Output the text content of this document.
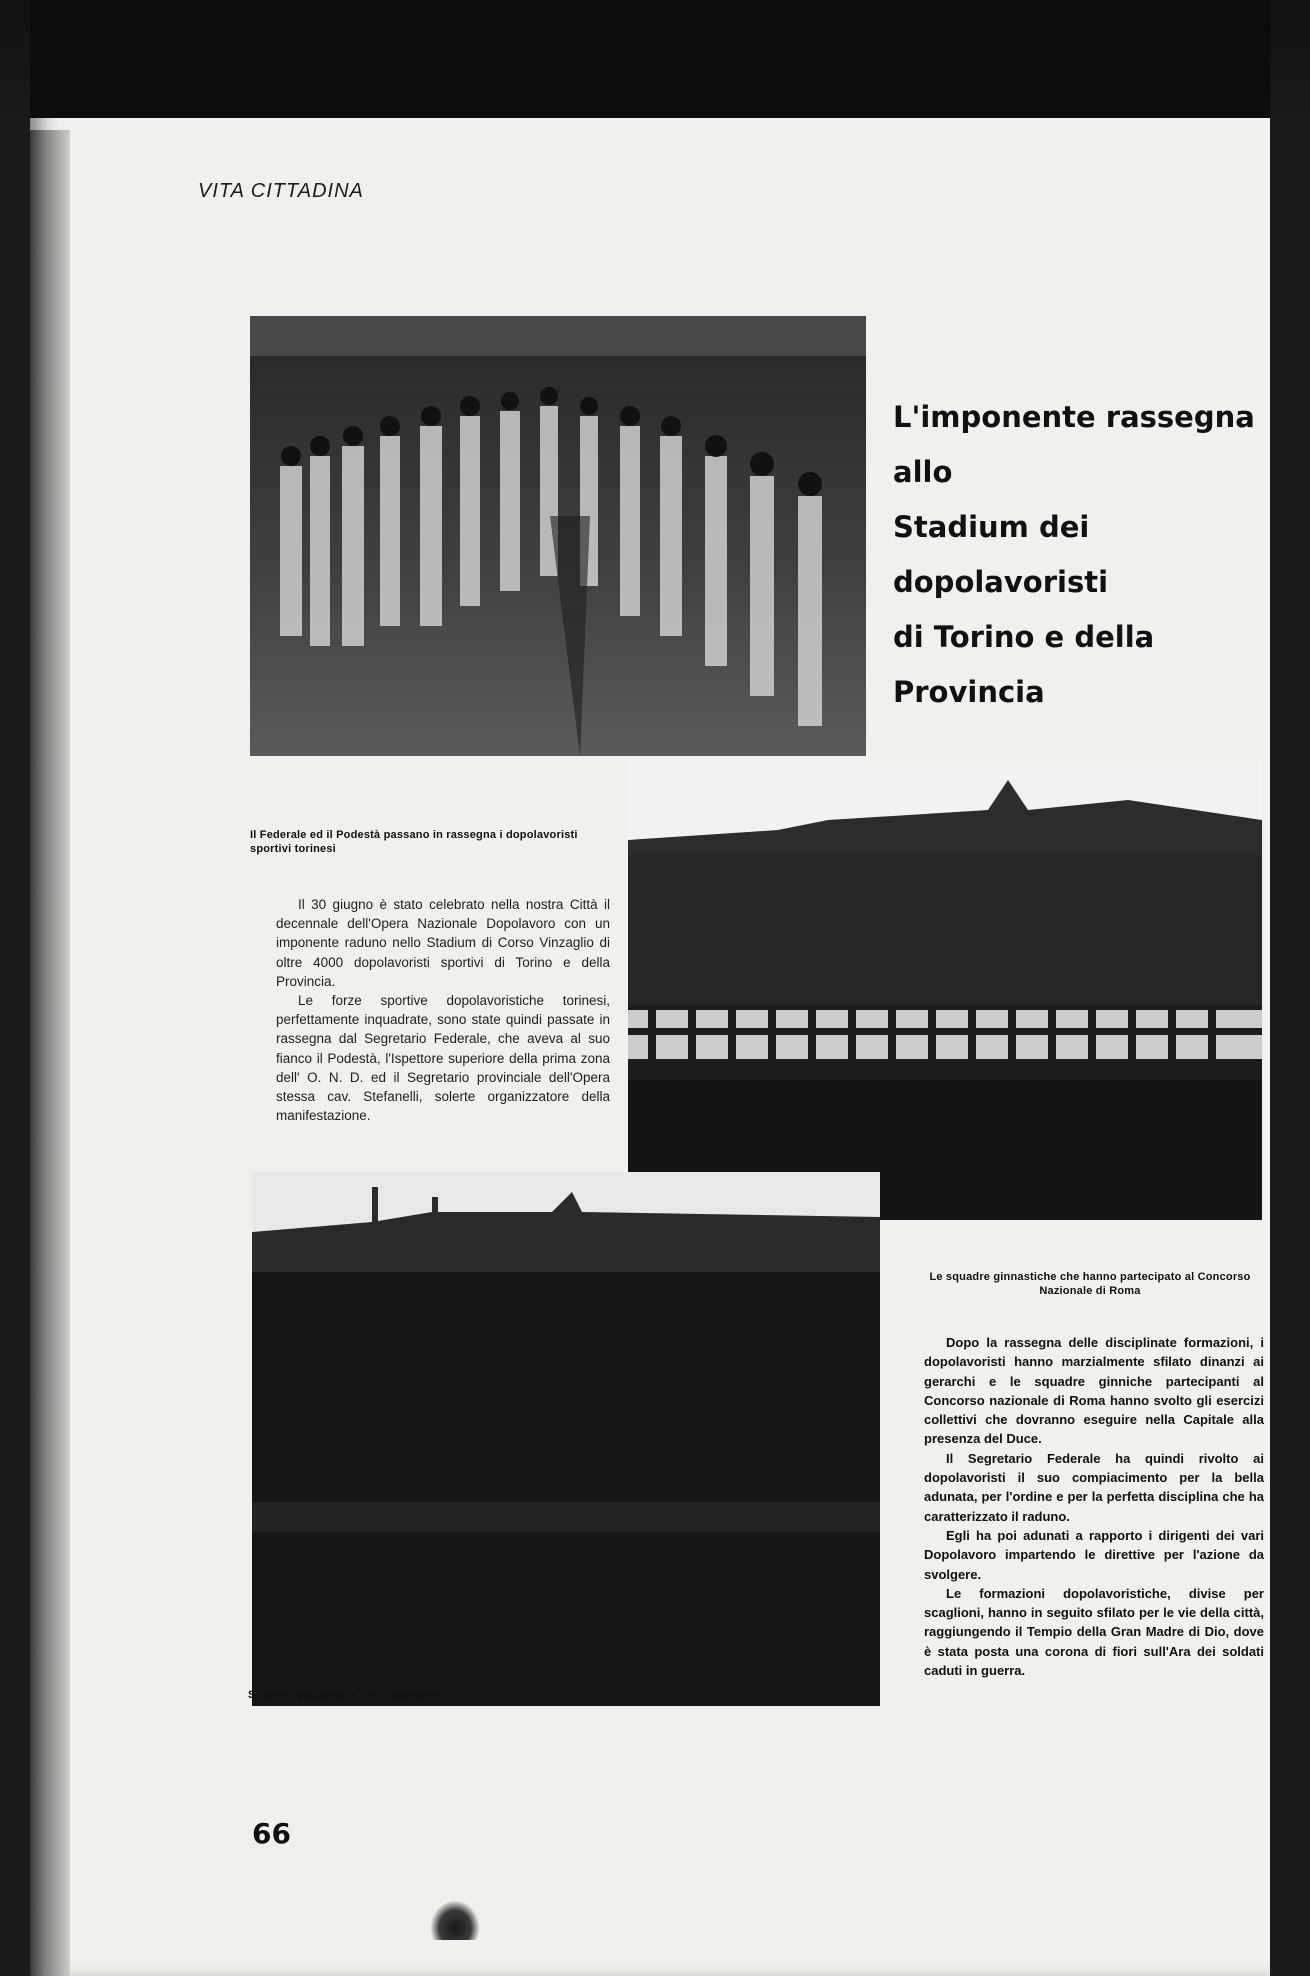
VITA CITTADINA
L'imponente rassegna allo
Stadium dei dopolavoristi
di Torino e della Provincia
Il Federale ed il Podestà passano in rassegna i dopolavoristi sportivi torinesi
Le squadre ginnastiche che hanno partecipato al Concorso Nazionale di Roma
Sfilano i gagliardetti del Dopolavoro

Il 30 giugno è stato celebrato nella nostra Città il decennale dell'Opera Nazionale Dopolavoro con un imponente raduno nello Stadium di Corso Vinzaglio di oltre 4000 dopolavoristi sportivi di Torino e della Provincia.

Le forze sportive dopolavoristiche torinesi, perfettamente inquadrate, sono state quindi passate in rassegna dal Segretario Federale, che aveva al suo fianco il Podestà, l'Ispettore superiore della prima zona dell' O. N. D. ed il Segretario provinciale dell'Opera stessa cav. Stefanelli, solerte organizzatore della manifestazione.

Dopo la rassegna delle disciplinate formazioni, i dopolavoristi hanno marzialmente sfilato dinanzi ai gerarchi e le squadre ginniche partecipanti al Concorso nazionale di Roma hanno svolto gli esercizi collettivi che dovranno eseguire nella Capitale alla presenza del Duce.

Il Segretario Federale ha quindi rivolto ai dopolavoristi il suo compiacimento per la bella adunata, per l'ordine e per la perfetta disciplina che ha caratterizzato il raduno.

Egli ha poi adunati a rapporto i dirigenti dei vari Dopolavoro impartendo le direttive per l'azione da svolgere.

Le formazioni dopolavoristiche, divise per scaglioni, hanno in seguito sfilato per le vie della città, raggiungendo il Tempio della Gran Madre di Dio, dove è stata posta una corona di fiori sull'Ara dei soldati caduti in guerra.

66
